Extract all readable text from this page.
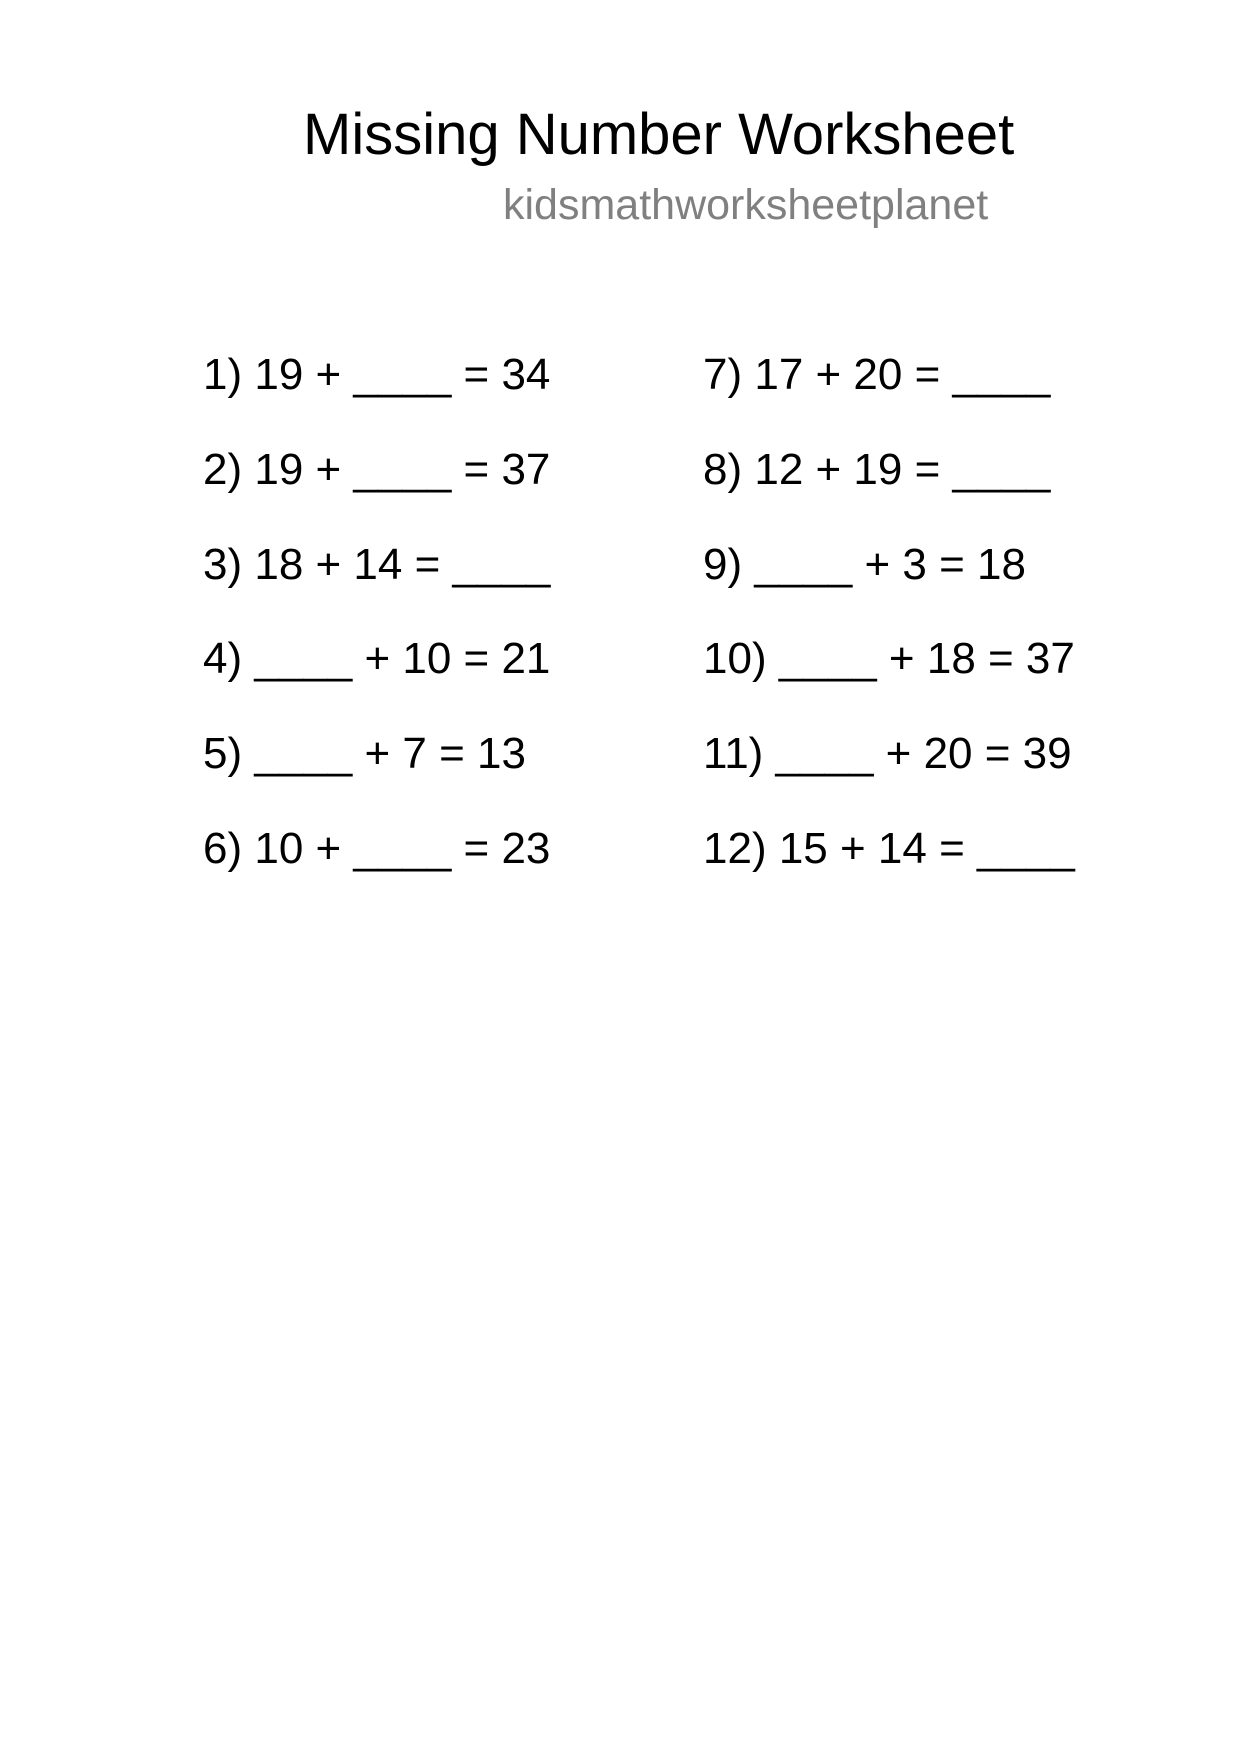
Missing Number Worksheet
kidsmathworksheetplanet
1) 19 + ____ = 34
2) 19 + ____ = 37
3) 18 + 14 = ____
4) ____ + 10 = 21
5) ____ + 7 = 13
6) 10 + ____ = 23
7) 17 + 20 = ____
8) 12 + 19 = ____
9) ____ + 3 = 18
10) ____ + 18 = 37
11) ____ + 20 = 39
12) 15 + 14 = ____
